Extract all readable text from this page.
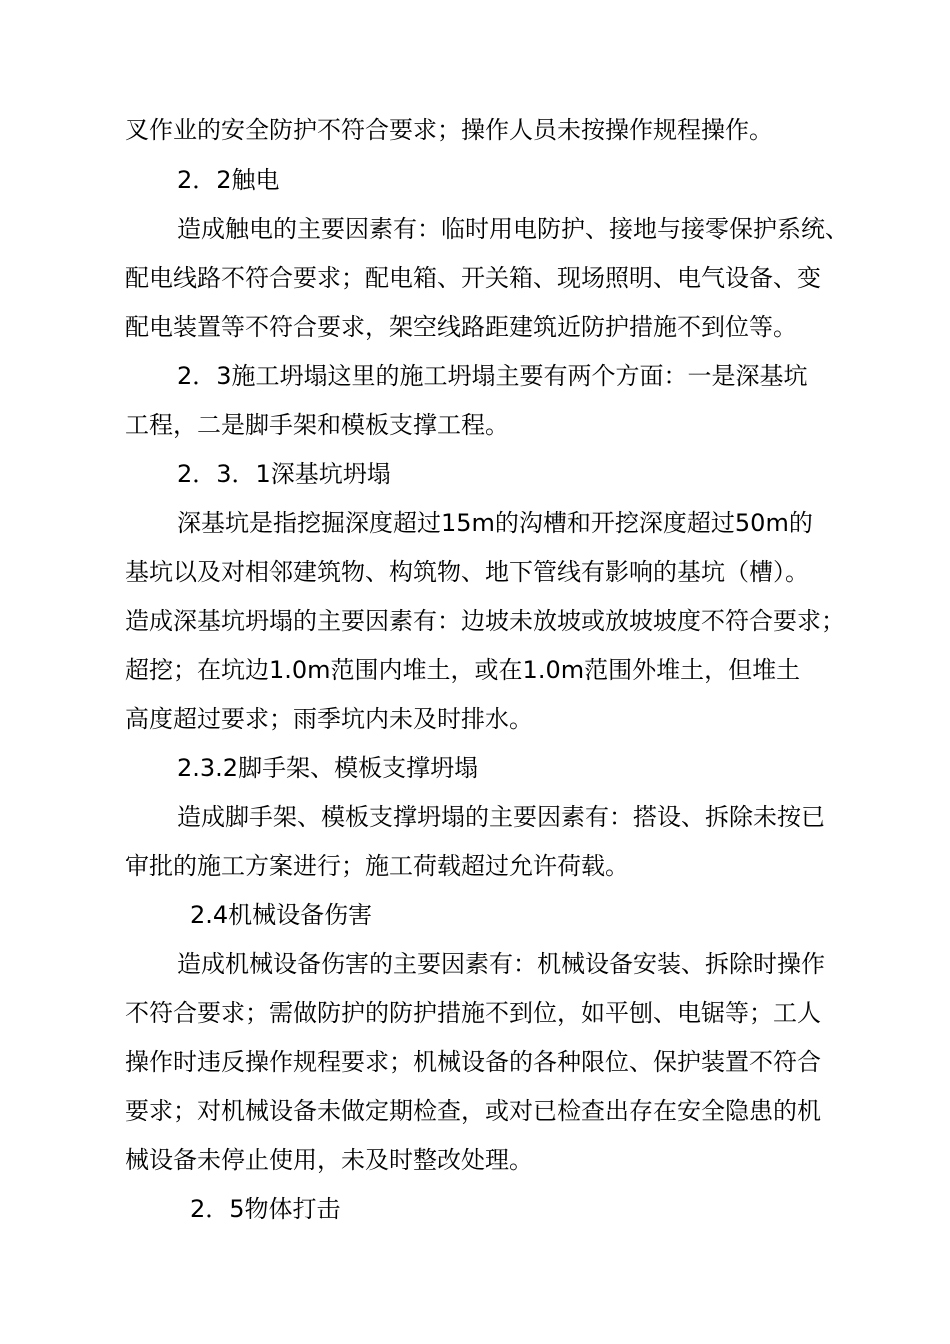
叉作业的安全防护不符合要求；操作人员未按操作规程操作。
2．2触电
造成触电的主要因素有：临时用电防护、接地与接零保护系统、
配电线路不符合要求；配电箱、开关箱、现场照明、电气设备、变
配电装置等不符合要求，架空线路距建筑近防护措施不到位等。
2．3施工坍塌这里的施工坍塌主要有两个方面：一是深基坑
工程，二是脚手架和模板支撑工程。
2．3．1深基坑坍塌
深基坑是指挖掘深度超过15m的沟槽和开挖深度超过50m的
基坑以及对相邻建筑物、构筑物、地下管线有影响的基坑（槽）。
造成深基坑坍塌的主要因素有：边坡未放坡或放坡坡度不符合要求；
超挖；在坑边1.0m范围内堆土，或在1.0m范围外堆土，但堆土
高度超过要求；雨季坑内未及时排水。
2.3.2脚手架、模板支撑坍塌
造成脚手架、模板支撑坍塌的主要因素有：搭设、拆除未按已
审批的施工方案进行；施工荷载超过允许荷载。
2.4机械设备伤害
造成机械设备伤害的主要因素有：机械设备安装、拆除时操作
不符合要求；需做防护的防护措施不到位，如平刨、电锯等；工人
操作时违反操作规程要求；机械设备的各种限位、保护装置不符合
要求；对机械设备未做定期检查，或对已检查出存在安全隐患的机
械设备未停止使用，未及时整改处理。
2．5物体打击
